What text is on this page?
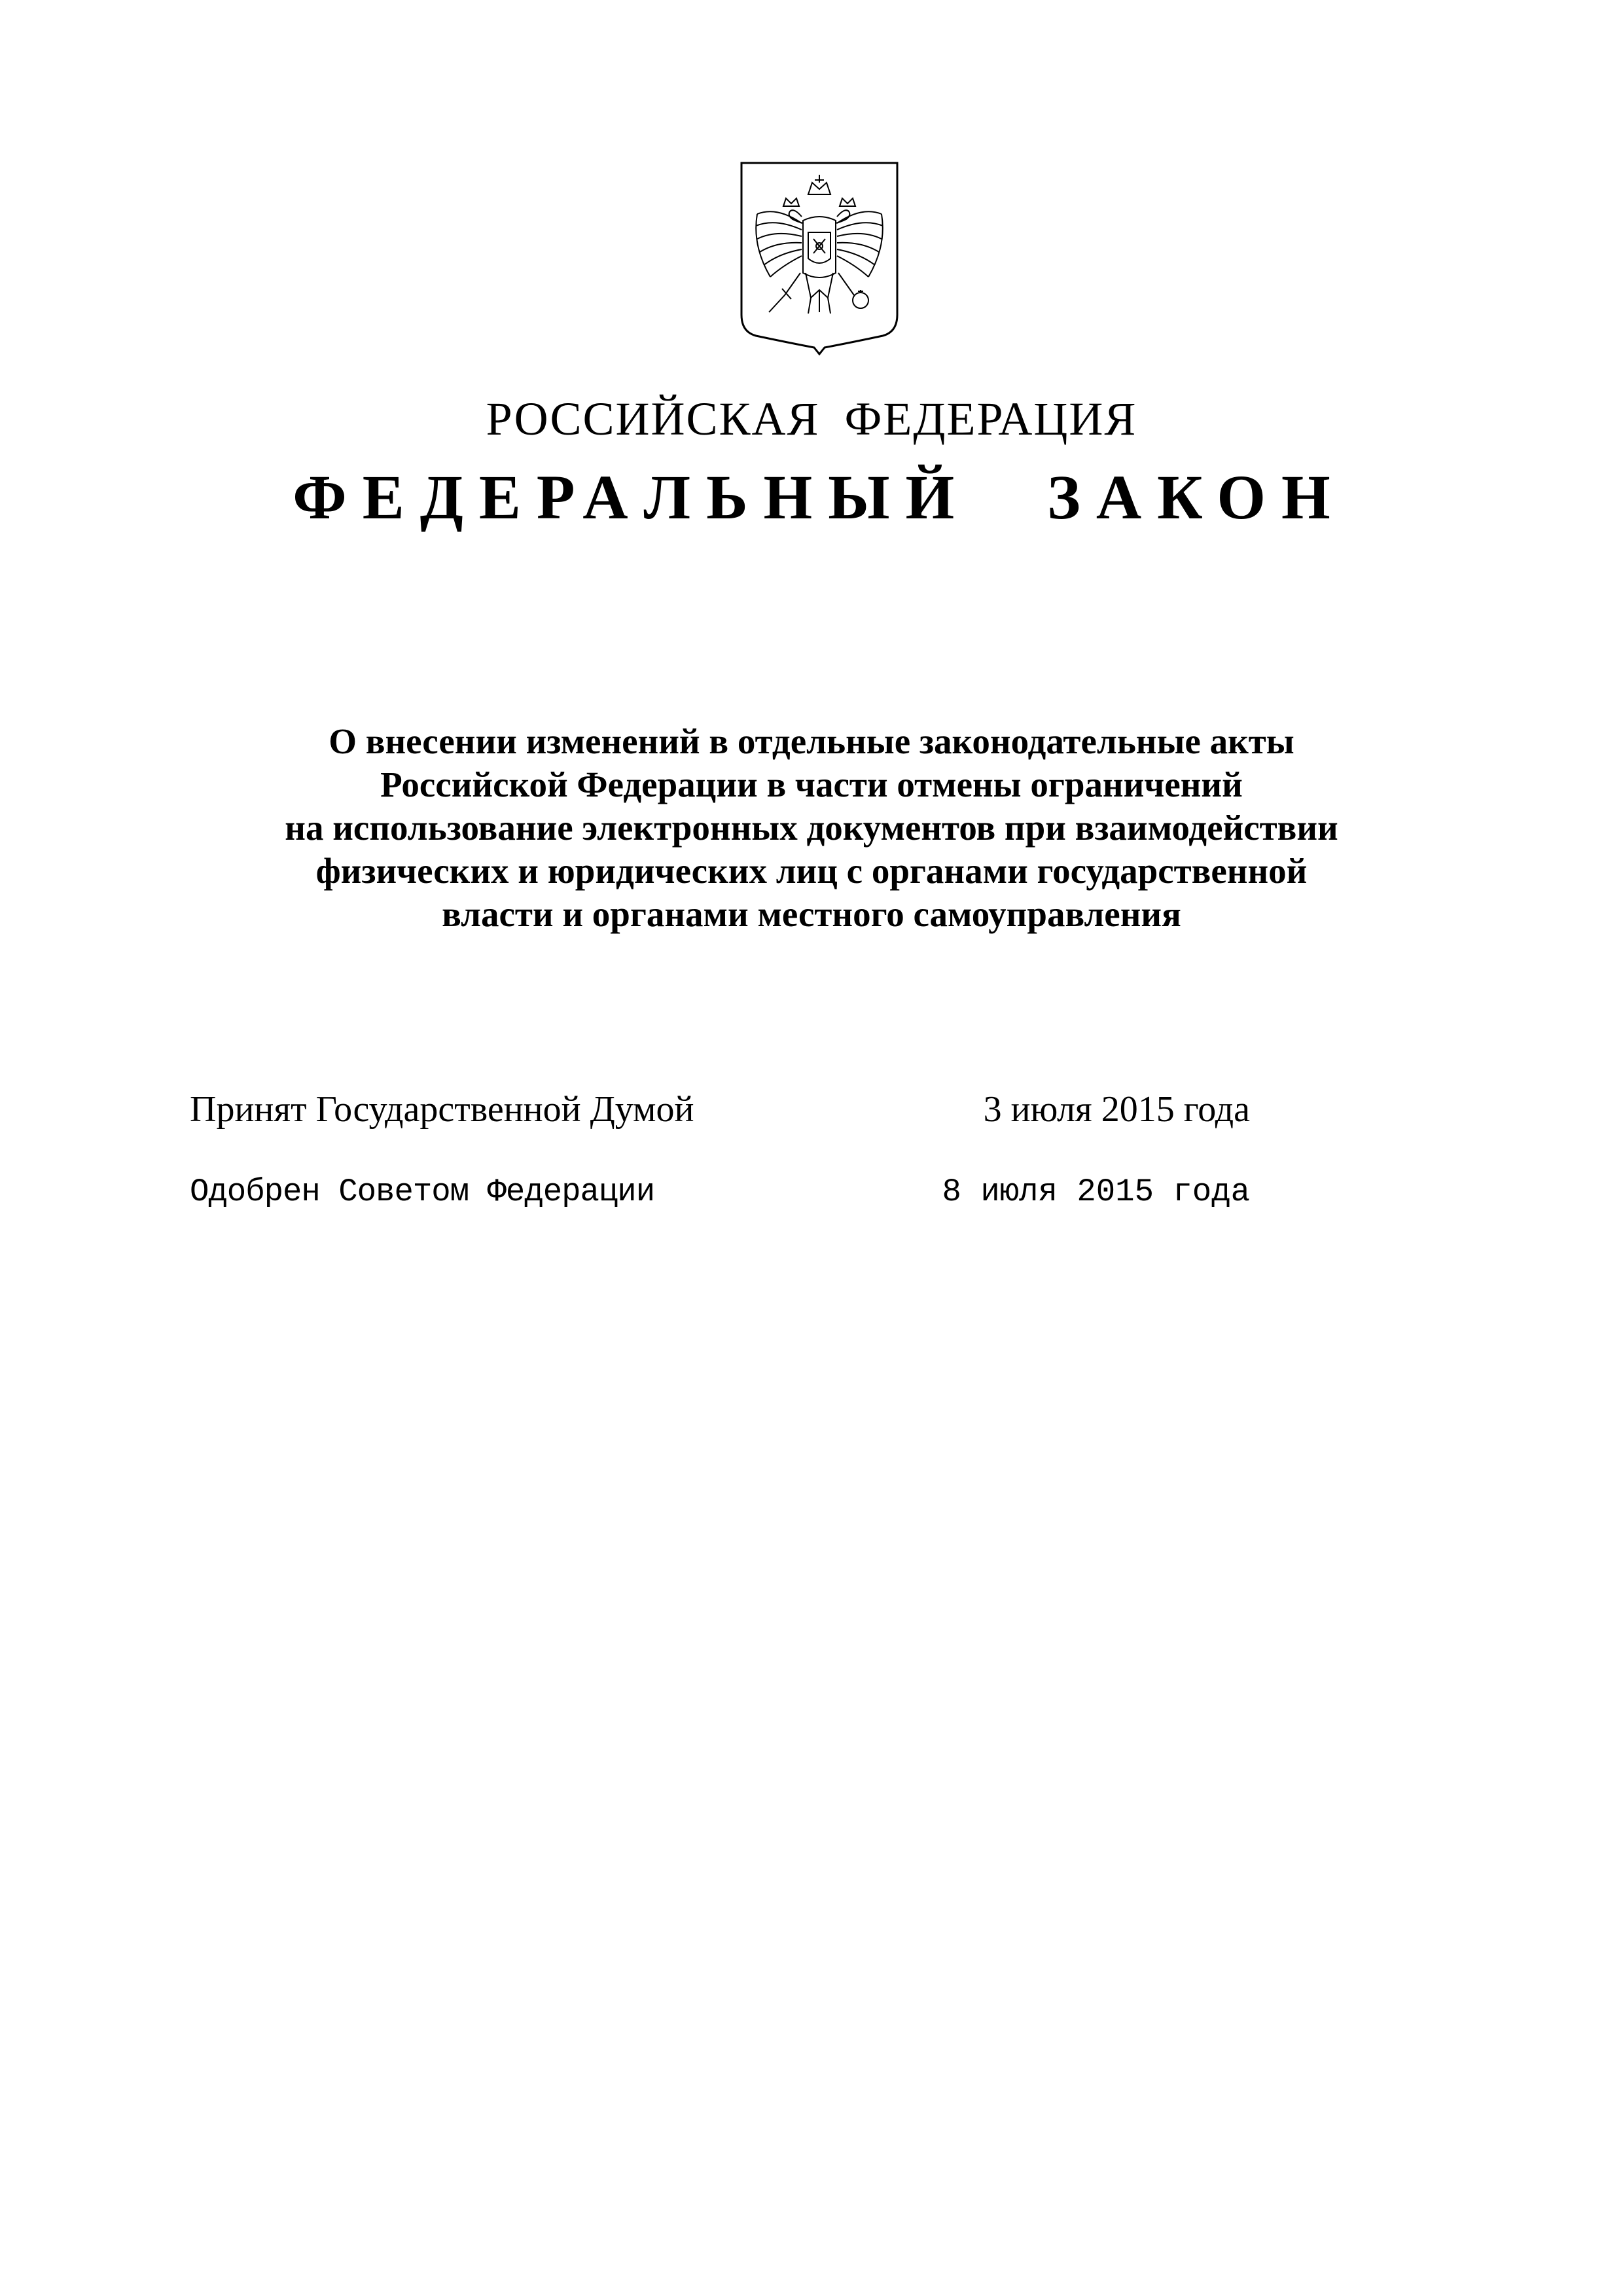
РОССИЙСКАЯ ФЕДЕРАЦИЯ
ФЕДЕРАЛЬНЫЙ ЗАКОН
О внесении изменений в отдельные законодательные акты
Российской Федерации в части отмены ограничений
на использование электронных документов при взаимодействии
физических и юридических лиц с органами государственной
власти и органами местного самоуправления
Принят Государственной Думой	3 июля 2015 года
Одобрен Советом Федерации	8 июля 2015 года
